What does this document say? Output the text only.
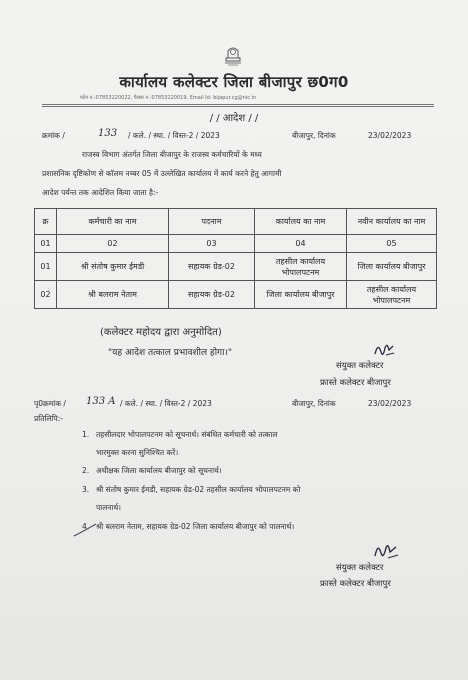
कार्यालय कलेक्टर जिला बीजापुर छ0ग0
फोन न.-07853220022, फैक्स न.-07853220019, Email Id- bijapur.cg@nic.in
/ / आदेश / /
क्रमांक /	133 / कले. / स्था. / विस्त-2 / 2023	बीजापुर, दिनांक	23/02/2023
राजस्व विभाग अंतर्गत जिला बीजापुर के राजस्व कर्मचारियों के मध्य
प्रशासनिक दृष्टिकोण से कॉलम नम्बर 05 में उल्लेखित कार्यालय में कार्य करने हेतु आगामी
आदेश पर्यन्त तक आदेशित किया जाता है:-
क्र	कर्मचारी का नाम	पदनाम	कार्यालय का नाम	नवीन कार्यालय का नाम
01	02	03	04	05
01	श्री संतोष कुमार ईमडी	सहायक ग्रेड-02	तहसील कार्यालय भोपालपटनम	जिला कार्यालय बीजापुर
02	श्री बलराम नेताम	सहायक ग्रेड-02	जिला कार्यालय बीजापुर	तहसील कार्यालय भोपालपटनम
(कलेक्टर महोदय द्वारा अनुमोदित)
"यह आदेश तत्काल प्रभावशील होगा।"
संयुक्त कलेक्टर
फ्रास्ते कलेक्टर बीजापुर
पृ0क्रमांक / 133 A / कले. / स्था. / विस्त-2 / 2023	बीजापुर, दिनांक	23/02/2023
प्रतिलिपि:-
1. तहसीलदार भोपालपटनम को सूचनार्थ। संबंधित कर्मचारी को तत्काल
भारमुक्त करना सुनिश्चित करें।
2. अधीक्षक जिला कार्यालय बीजापुर को सूचनार्थ।
3. श्री संतोष कुमार ईमडी, सहायक ग्रेड-02 तहसील कार्यालय भोपालपटनम को
पालनार्थ।
4. श्री बलराम नेताम, सहायक ग्रेड-02 जिला कार्यालय बीजापुर को पालनार्थ।
संयुक्त कलेक्टर
फ्रास्ते कलेक्टर बीजापुर
